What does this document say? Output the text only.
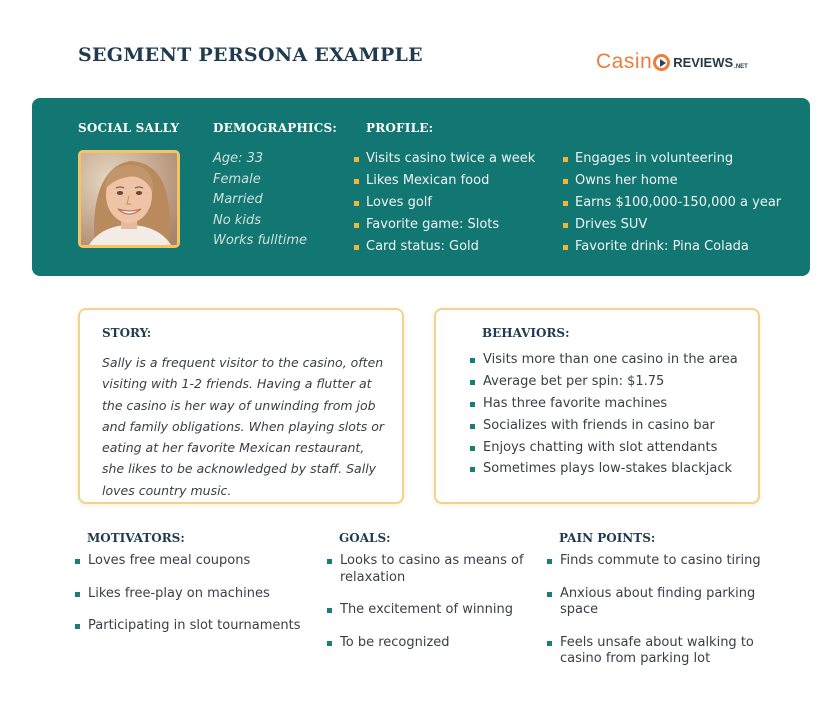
SEGMENT PERSONA EXAMPLE	Casin REVIEWS .NET
SOCIAL SALLY	DEMOGRAPHICS: PROFILE:
Age: 33
Female
Married
No kids
Works fulltime
Visits casino twice a week
Likes Mexican food
Loves golf
Favorite game: Slots
Card status: Gold
Engages in volunteering
Owns her home
Earns $100,000-150,000 a year
Drives SUV
Favorite drink: Pina Colada
STORY:

Sally is a frequent visitor to the casino, often visiting with 1-2 friends. Having a flutter at the casino is her way of unwinding from job and family obligations. When playing slots or eating at her favorite Mexican restaurant, she likes to be acknowledged by staff. Sally loves country music.

BEHAVIORS:
Visits more than one casino in the area
Average bet per spin: $1.75
Has three favorite machines
Socializes with friends in casino bar
Enjoys chatting with slot attendants
Sometimes plays low-stakes blackjack
MOTIVATORS:
Loves free meal coupons
Likes free-play on machines
Participating in slot tournaments
GOALS:
Looks to casino as means of relaxation
The excitement of winning
To be recognized
PAIN POINTS:
Finds commute to casino tiring
Anxious about finding parking space
Feels unsafe about walking to casino from parking lot
